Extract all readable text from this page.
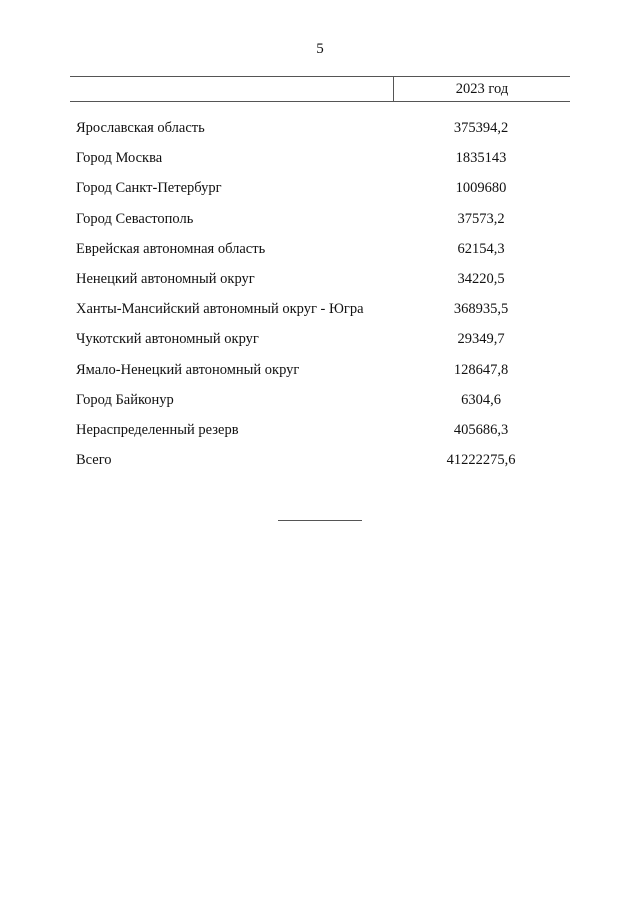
5
2023 год
Ярославская область	375394,2
Город Москва	1835143
Город Санкт-Петербург	1009680
Город Севастополь	37573,2
Еврейская автономная область	62154,3
Ненецкий автономный округ	34220,5
Ханты-Мансийский автономный округ - Югра	368935,5
Чукотский автономный округ	29349,7
Ямало-Ненецкий автономный округ	128647,8
Город Байконур	6304,6
Нераспределенный резерв	405686,3
Всего	41222275,6
